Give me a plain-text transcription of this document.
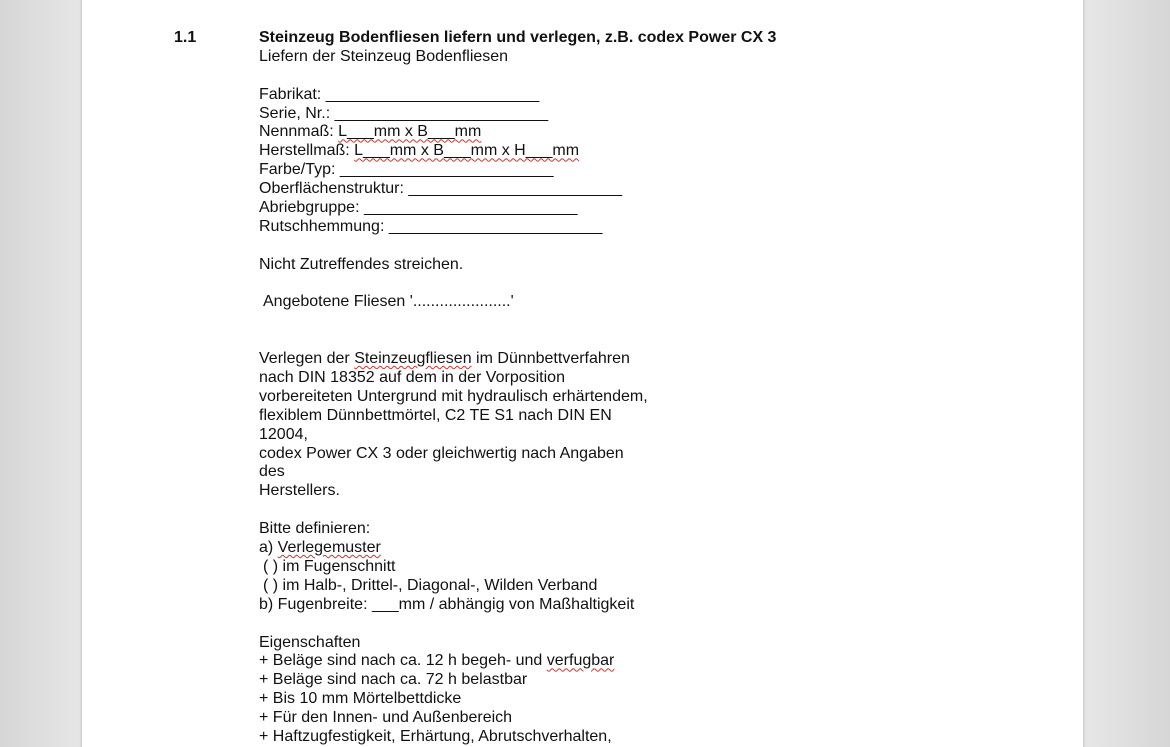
1.1	Steinzeug Bodenfliesen liefern und verlegen, z.B. codex Power CX 3
Liefern der Steinzeug Bodenfliesen
Fabrikat: ________________________
Serie, Nr.: ________________________
Nennmaß: L___mm x B___mm
Herstellmaß: L___mm x B___mm x H___mm
Farbe/Typ: ________________________
Oberflächenstruktur: ________________________
Abriebgruppe: ________________________
Rutschhemmung: ________________________
Nicht Zutreffendes streichen.
Angebotene Fliesen '......................'
Verlegen der Steinzeugfliesen im Dünnbettverfahren
nach DIN 18352 auf dem in der Vorposition
vorbereiteten Untergrund mit hydraulisch erhärtendem,
flexiblem Dünnbettmörtel, C2 TE S1 nach DIN EN
12004,
codex Power CX 3 oder gleichwertig nach Angaben
des
Herstellers.
Bitte definieren:
a) Verlegemuster
( ) im Fugenschnitt
( ) im Halb-, Drittel-, Diagonal-, Wilden Verband
b) Fugenbreite: ___mm / abhängig von Maßhaltigkeit
Eigenschaften
+ Beläge sind nach ca. 12 h begeh- und verfugbar
+ Beläge sind nach ca. 72 h belastbar
+ Bis 10 mm Mörtelbettdicke
+ Für den Innen- und Außenbereich
+ Haftzugfestigkeit, Erhärtung, Abrutschverhalten,
